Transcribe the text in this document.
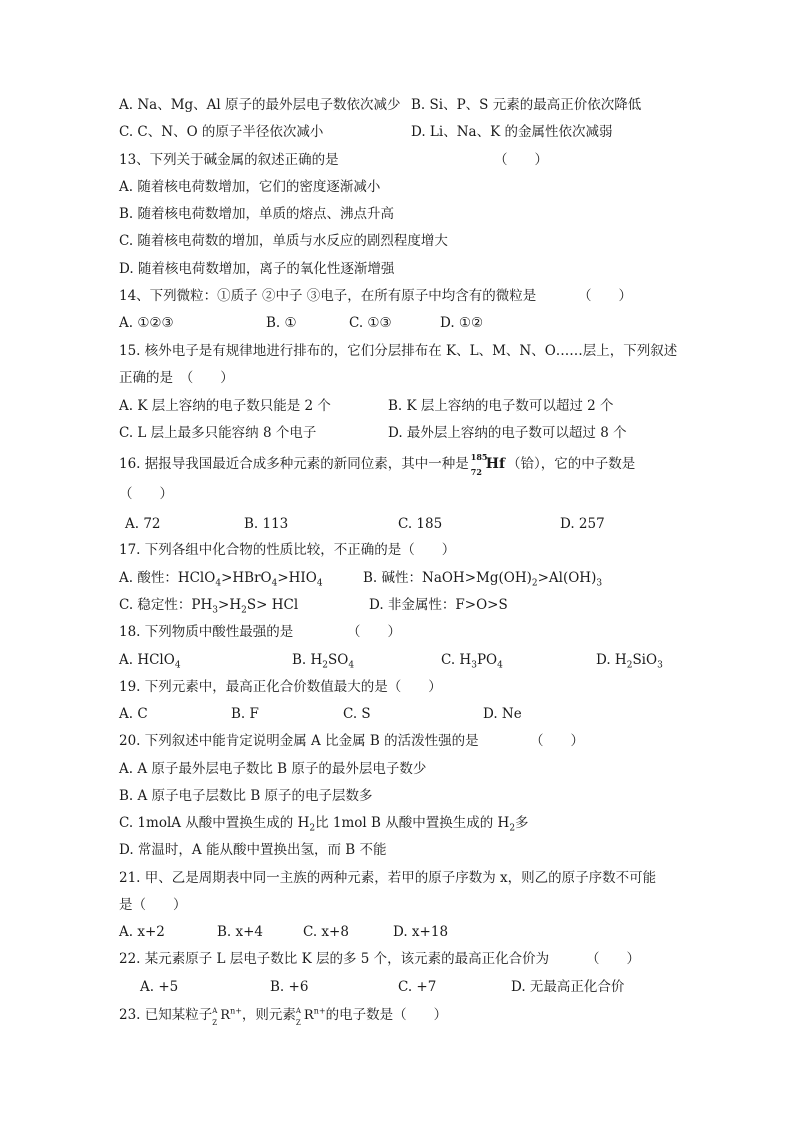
A. Na、Mg、Al 原子的最外层电子数依次减少 B. Si、P、S 元素的最高正价依次降低
C. C、N、O 的原子半径依次减小	D. Li、Na、K 的金属性依次减弱
13、下列关于碱金属的叙述正确的是	（　　）
A. 随着核电荷数增加，它们的密度逐渐减小
B. 随着核电荷数增加，单质的熔点、沸点升高
C. 随着核电荷数的增加，单质与水反应的剧烈程度增大
D. 随着核电荷数增加，离子的氧化性逐渐增强
14、下列微粒：①质子 ②中子 ③电子，在所有原子中均含有的微粒是	（　　）
A. ①②③	B. ①	C. ①③	D. ①②
15. 核外电子是有规律地进行排布的，它们分层排布在 K、L、M、N、O……层上，下列叙述
正确的是　（　　）
A. K 层上容纳的电子数只能是 2 个	B. K 层上容纳的电子数可以超过 2 个
C. L 层上最多只能容纳 8 个电子	D. 最外层上容纳的电子数可以超过 8 个
16. 据报导我国最近合成多种元素的新同位素，其中一种是 185
72 Hf （铪），它的中子数是
（　　）
A. 72	B. 113	C. 185	D. 257
17. 下列各组中化合物的性质比较，不正确的是（　　）
A. 酸性：$HClO_4>HBrO_4>HIO_4$	B. 碱性：$NaOH>Mg(OH)_2>Al(OH)_3$
C. 稳定性：$PH_3>H_2S>$ HCl	D. 非金属性：F>O>S
18. 下列物质中酸性最强的是	（　　）
A. HClO$_4$	B. $H_2SO_4$	C. $H_3PO_4$	D. $H_2SiO_3$
19. 下列元素中，最高正化合价数值最大的是（　　）
A. C	B. F	C. S	D. Ne
20. 下列叙述中能肯定说明金属 A 比金属 B 的活泼性强的是	（　　）
A. A 原子最外层电子数比 B 原子的最外层电子数少
B. A 原子电子层数比 B 原子的电子层数多
C. 1molA 从酸中置换生成的 $H_2$比 1mol B 从酸中置换生成的 $H_2$多
D. 常温时，A 能从酸中置换出氢，而 B 不能
21. 甲、乙是周期表中同一主族的两种元素，若甲的原子序数为 x，则乙的原子序数不可能
是（　　）
A. x+2	B. x+4	C. x+8	D. x+18
22. 某元素原子 L 层电子数比 K 层的多 5 个，该元素的最高正化合价为	（　　）
A. +5	B. +6	C. +7	D. 无最高正化合价
23. 已知某粒子 A
Z $R^{n+}$，则元素 A
Z $R^{n+}$的电子数是（　　）
